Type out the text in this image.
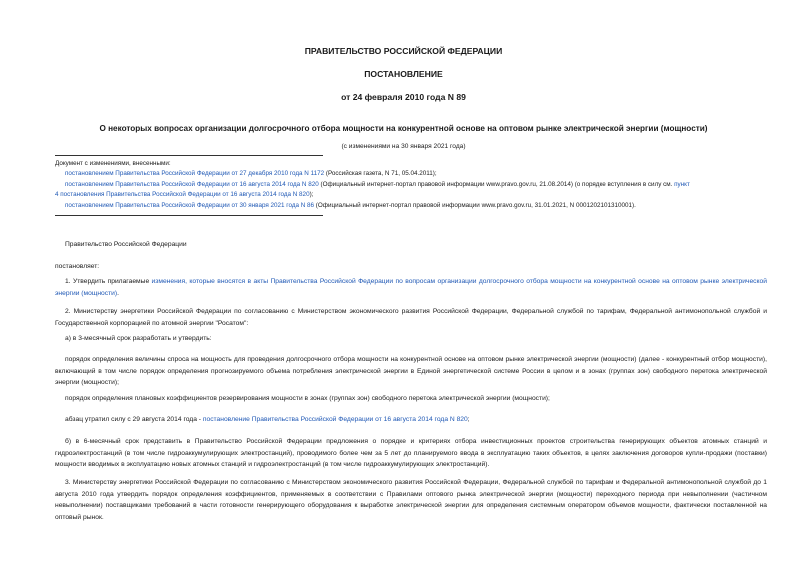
ПРАВИТЕЛЬСТВО РОССИЙСКОЙ ФЕДЕРАЦИИ
ПОСТАНОВЛЕНИЕ
от 24 февраля 2010 года N 89
О некоторых вопросах организации долгосрочного отбора мощности на конкурентной основе на оптовом рынке электрической энергии (мощности)
(с изменениями на 30 января 2021 года)
Документ с изменениями, внесенными:
постановлением Правительства Российской Федерации от 27 декабря 2010 года N 1172 (Российская газета, N 71, 05.04.2011);
постановлением Правительства Российской Федерации от 16 августа 2014 года N 820 (Официальный интернет-портал правовой информации www.pravo.gov.ru, 21.08.2014) (о порядке вступления в силу см. пункт
4 постановления Правительства Российской Федерации от 16 августа 2014 года N 820);
постановлением Правительства Российской Федерации от 30 января 2021 года N 86 (Официальный интернет-портал правовой информации www.pravo.gov.ru, 31.01.2021, N 0001202101310001).
Правительство Российской Федерации
постановляет:
1. Утвердить прилагаемые изменения, которые вносятся в акты Правительства Российской Федерации по вопросам организации долгосрочного отбора мощности на конкурентной основе на оптовом рынке электрической энергии (мощности).
2. Министерству энергетики Российской Федерации по согласованию с Министерством экономического развития Российской Федерации, Федеральной службой по тарифам, Федеральной антимонопольной службой и Государственной корпорацией по атомной энергии "Росатом":
а) в 3-месячный срок разработать и утвердить:
порядок определения величины спроса на мощность для проведения долгосрочного отбора мощности на конкурентной основе на оптовом рынке электрической энергии (мощности) (далее - конкурентный отбор мощности), включающий в том числе порядок определения прогнозируемого объема потребления электрической энергии в Единой энергетической системе России в целом и в зонах (группах зон) свободного перетока электрической энергии (мощности);
порядок определения плановых коэффициентов резервирования мощности в зонах (группах зон) свободного перетока электрической энергии (мощности);
абзац утратил силу с 29 августа 2014 года - постановление Правительства Российской Федерации от 16 августа 2014 года N 820;
б) в 6-месячный срок представить в Правительство Российской Федерации предложения о порядке и критериях отбора инвестиционных проектов строительства генерирующих объектов атомных станций и гидроэлектростанций (в том числе гидроаккумулирующих электростанций), проводимого более чем за 5 лет до планируемого ввода в эксплуатацию таких объектов, в целях заключения договоров купли-продажи (поставки) мощности вводимых в эксплуатацию новых атомных станций и гидроэлектростанций (в том числе гидроаккумулирующих электростанций).
3. Министерству энергетики Российской Федерации по согласованию с Министерством экономического развития Российской Федерации, Федеральной службой по тарифам и Федеральной антимонопольной службой до 1 августа 2010 года утвердить порядок определения коэффициентов, применяемых в соответствии с Правилами оптового рынка электрической энергии (мощности) переходного периода при невыполнении (частичном невыполнении) поставщиками требований в части готовности генерирующего оборудования к выработке электрической энергии для определения системным оператором объемов мощности, фактически поставленной на оптовый рынок.
